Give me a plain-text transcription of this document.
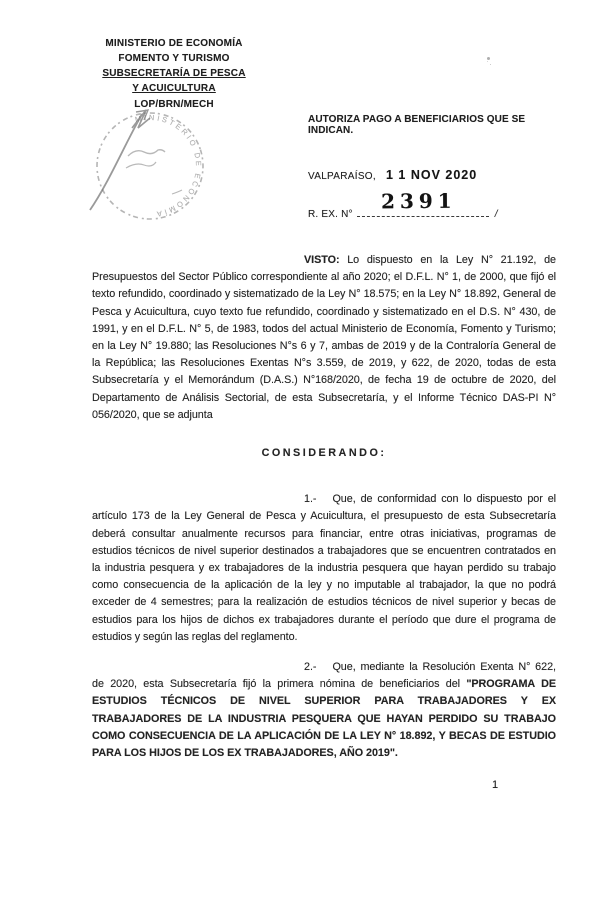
MINISTERIO DE ECONOMÍA
FOMENTO Y TURISMO
SUBSECRETARÍA DE PESCA
Y ACUICULTURA
LOP/BRN/MECH
MINISTERIO DE ECONOMÍA
AUTORIZA PAGO A BENEFICIARIOS QUE SE INDICAN.
VALPARAÍSO, 1 1 NOV 2020
R. EX. N°
2391
/

VISTO: Lo dispuesto en la Ley N° 21.192, de Presupuestos del Sector Público correspondiente al año 2020; el D.F.L. N° 1, de 2000, que fijó el texto refundido, coordinado y sistematizado de la Ley N° 18.575; en la Ley N° 18.892, General de Pesca y Acuicultura, cuyo texto fue refundido, coordinado y sistematizado en el D.S. N° 430, de 1991, y en el D.F.L. N° 5, de 1983, todos del actual Ministerio de Economía, Fomento y Turismo; en la Ley N° 19.880; las Resoluciones N°s 6 y 7, ambas de 2019 y de la Contraloría General de la República; las Resoluciones Exentas N°s 3.559, de 2019, y 622, de 2020, todas de esta Subsecretaría y el Memorándum (D.A.S.) N°168/2020, de fecha 19 de octubre de 2020, del Departamento de Análisis Sectorial, de esta Subsecretaría, y el Informe Técnico DAS-PI N° 056/2020, que se adjunta

CONSIDERANDO:

1.- Que, de conformidad con lo dispuesto por el artículo 173 de la Ley General de Pesca y Acuicultura, el presupuesto de esta Subsecretaría deberá consultar anualmente recursos para financiar, entre otras iniciativas, programas de estudios técnicos de nivel superior destinados a trabajadores que se encuentren contratados en la industria pesquera y ex trabajadores de la industria pesquera que hayan perdido su trabajo como consecuencia de la aplicación de la ley y no imputable al trabajador, la que no podrá exceder de 4 semestres; para la realización de estudios técnicos de nivel superior y becas de estudios para los hijos de dichos ex trabajadores durante el período que dure el programa de estudios y según las reglas del reglamento.

2.- Que, mediante la Resolución Exenta N° 622, de 2020, esta Subsecretaría fijó la primera nómina de beneficiarios del "PROGRAMA DE ESTUDIOS TÉCNICOS DE NIVEL SUPERIOR PARA TRABAJADORES Y EX TRABAJADORES DE LA INDUSTRIA PESQUERA QUE HAYAN PERDIDO SU TRABAJO COMO CONSECUENCIA DE LA APLICACIÓN DE LA LEY N° 18.892, Y BECAS DE ESTUDIO PARA LOS HIJOS DE LOS EX TRABAJADORES, AÑO 2019".

1
